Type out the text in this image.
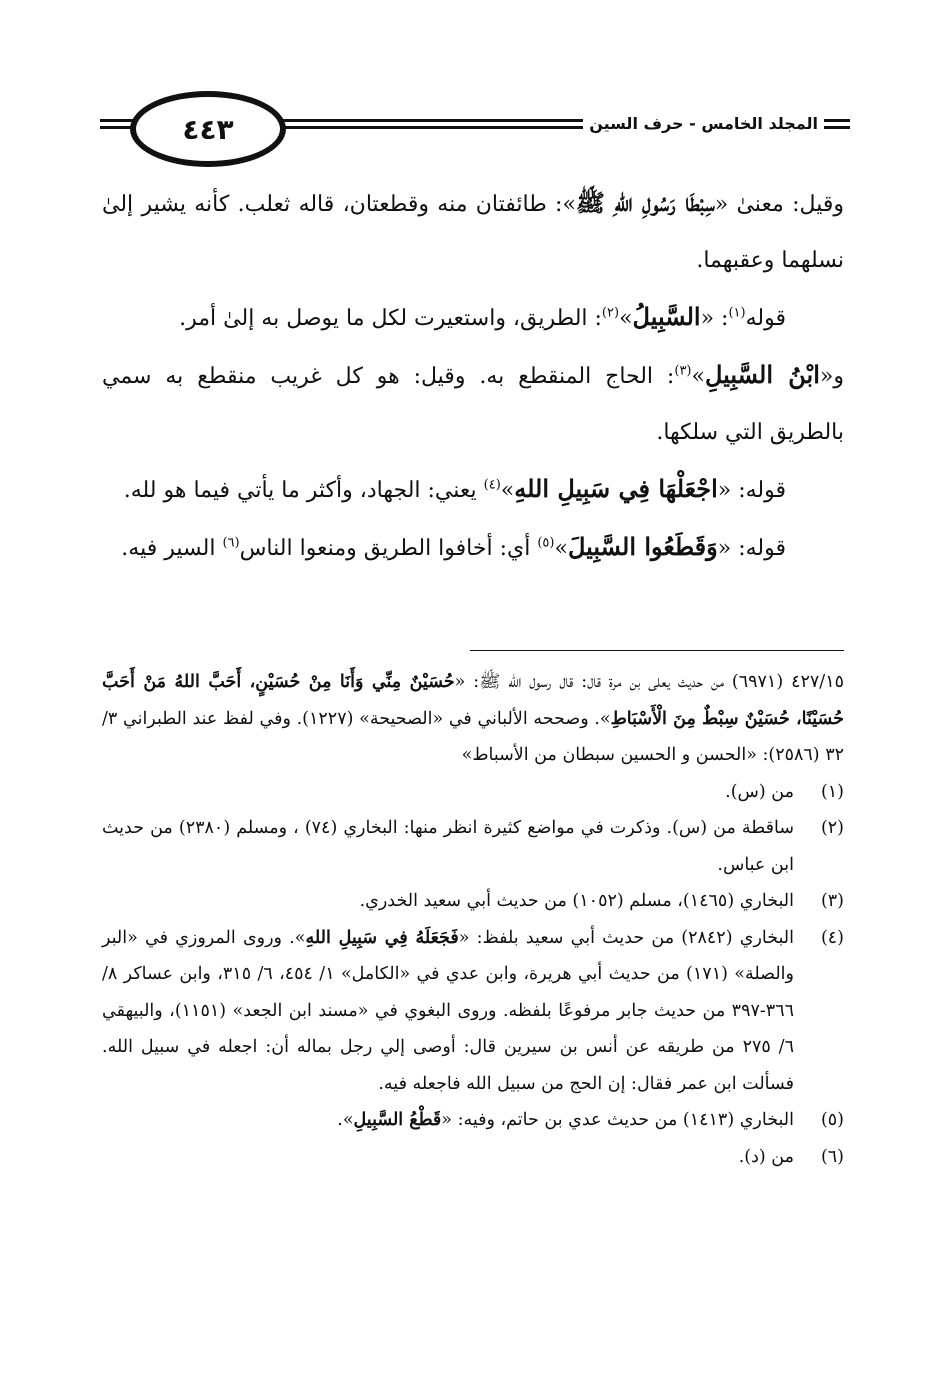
٤٤٣	المجلد الخامس - حرف السين

وقيل: معنىٰ «سِبْطَا رَسُولِ اللهِ ﷺ»: طائفتان منه وقطعتان، قاله ثعلب. كأنه يشير إلىٰ نسلهما وعقبهما.

قوله$^{(١)}$: «السَّبِيلُ»$^{(٢)}$: الطريق، واستعيرت لكل ما يوصل به إلىٰ أمر.

و«ابْنُ السَّبِيلِ»$^{(٣)}$: الحاج المنقطع به. وقيل: هو كل غريب منقطع به سمي بالطريق التي سلكها.

قوله: «اجْعَلْهَا فِي سَبِيلِ اللهِ»$^{(٤)}$ يعني: الجهاد، وأكثر ما يأتي فيما هو لله.

قوله: «وَقَطَعُوا السَّبِيلَ»$^{(٥)}$ أي: أخافوا الطريق ومنعوا الناس$^{(٦)}$ السير فيه.

٤٢٧/١٥ (٦٩٧١) من حديث يعلى بن مرة قال: قال رسول الله ﷺ: «حُسَيْنٌ مِنِّي وَأَنَا مِنْ حُسَيْنٍ، أَحَبَّ اللهُ مَنْ أَحَبَّ حُسَيْنًا، حُسَيْنٌ سِبْطٌ مِنَ الْأَسْبَاطِ». وصححه الألباني في «الصحيحة» (١٢٢٧). وفي لفظ عند الطبراني ٣/ ٣٢ (٢٥٨٦): «الحسن و الحسين سبطان من الأسباط»

(١)
من (س).
(٢)
ساقطة من (س). وذكرت في مواضع كثيرة انظر منها: البخاري (٧٤) ، ومسلم (٢٣٨٠) من حديث ابن عباس.
(٣)
البخاري (١٤٦٥)، مسلم (١٠٥٢) من حديث أبي سعيد الخدري.
(٤)
البخاري (٢٨٤٢) من حديث أبي سعيد بلفظ: «فَجَعَلَهُ فِي سَبِيلِ اللهِ». وروى المروزي في «البر والصلة» (١٧١) من حديث أبي هريرة، وابن عدي في «الكامل» ١/ ٤٥٤، ٦/ ٣١٥، وابن عساكر ٨/ ٣٦٦-٣٩٧ من حديث جابر مرفوعًا بلفظه. وروى البغوي في «مسند ابن الجعد» (١١٥١)، والبيهقي ٦/ ٢٧٥ من طريقه عن أنس بن سيرين قال: أوصى إلي رجل بماله أن: اجعله في سبيل الله. فسألت ابن عمر فقال: إن الحج من سبيل الله فاجعله فيه.
(٥)
البخاري (١٤١٣) من حديث عدي بن حاتم، وفيه: «قَطْعُ السَّبِيلِ».
(٦)
من (د).
